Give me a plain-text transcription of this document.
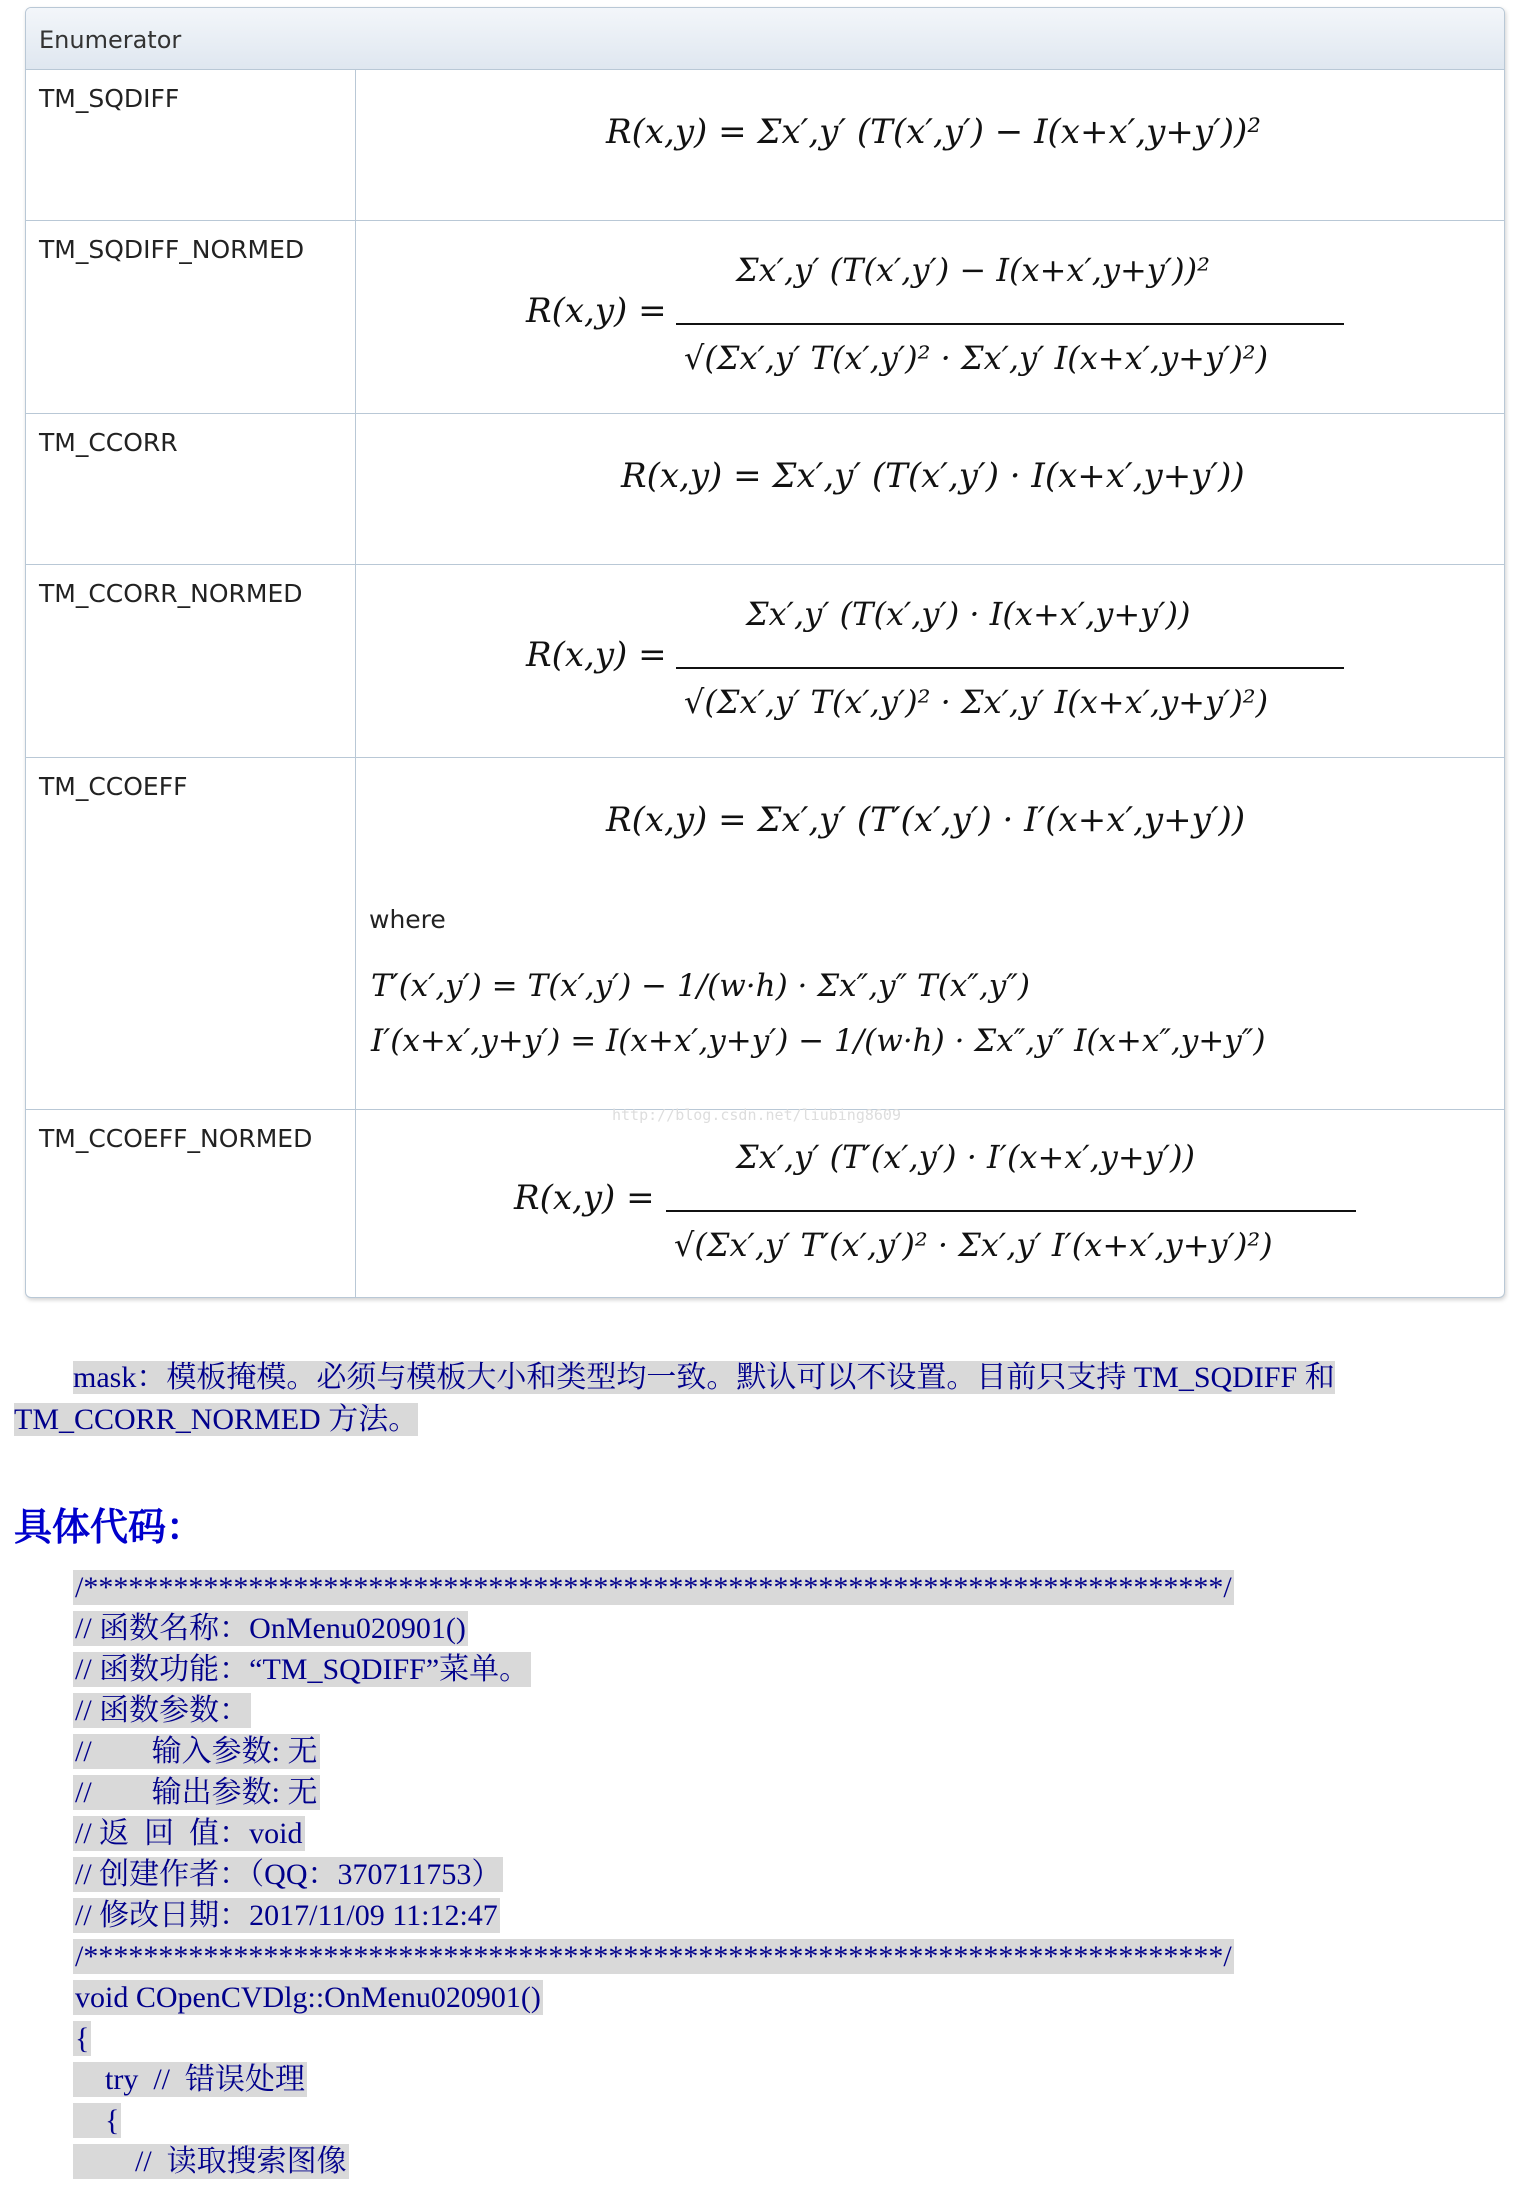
Enumerator
TM_SQDIFF
R(x,y) = Σx′,y′ (T(x′,y′) − I(x+x′,y+y′))²
TM_SQDIFF_NORMED
R(x,y) =
Σx′,y′ (T(x′,y′) − I(x+x′,y+y′))²
√(Σx′,y′ T(x′,y′)² · Σx′,y′ I(x+x′,y+y′)²)
TM_CCORR
R(x,y) = Σx′,y′ (T(x′,y′) · I(x+x′,y+y′))
TM_CCORR_NORMED
R(x,y) =
Σx′,y′ (T(x′,y′) · I(x+x′,y+y′))
√(Σx′,y′ T(x′,y′)² · Σx′,y′ I(x+x′,y+y′)²)
TM_CCOEFF
R(x,y) = Σx′,y′ (T′(x′,y′) · I′(x+x′,y+y′))
where
T′(x′,y′) = T(x′,y′) − 1/(w·h) · Σx″,y″ T(x″,y″)
I′(x+x′,y+y′) = I(x+x′,y+y′) − 1/(w·h) · Σx″,y″ I(x+x″,y+y″)
TM_CCOEFF_NORMED
R(x,y) =
Σx′,y′ (T′(x′,y′) · I′(x+x′,y+y′))
√(Σx′,y′ T′(x′,y′)² · Σx′,y′ I′(x+x′,y+y′)²)
http://blog.csdn.net/liubing8609
mask：模板掩模。必须与模板大小和类型均一致。默认可以不设置。目前只支持 TM_SQDIFF 和
TM_CCORR_NORMED 方法。
具体代码：
/****************************************************************************/
// 函数名称：OnMenu020901()
// 函数功能：“TM_SQDIFF”菜单。
// 函数参数：
//        输入参数: 无
//        输出参数: 无
// 返  回  值：void
// 创建作者：（QQ：370711753）
// 修改日期：2017/11/09 11:12:47
/****************************************************************************/
void COpenCVDlg::OnMenu020901()
{
try  //  错误处理
{
//  读取搜索图像
